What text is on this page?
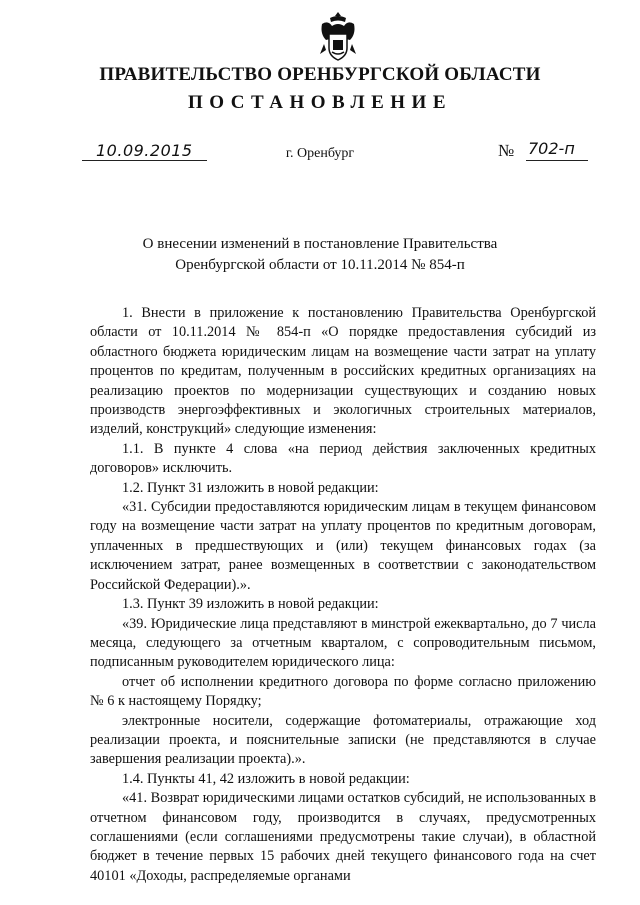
ПРАВИТЕЛЬСТВО ОРЕНБУРГСКОЙ ОБЛАСТИ
ПОСТАНОВЛЕНИЕ
10.09.2015	г. Оренбург	№ 702-п
О внесении изменений в постановление Правительства
Оренбургской области от 10.11.2014 № 854-п

1. Внести в приложение к постановлению Правительства Оренбургской области от 10.11.2014 № 854-п «О порядке предоставления субсидий из областного бюджета юридическим лицам на возмещение части затрат на уплату процентов по кредитам, полученным в российских кредитных организациях на реализацию проектов по модернизации существующих и созданию новых производств энергоэффективных и экологичных строительных материалов, изделий, конструкций» следующие изменения:

1.1. В пункте 4 слова «на период действия заключенных кредитных договоров» исключить.

1.2. Пункт 31 изложить в новой редакции:

«31. Субсидии предоставляются юридическим лицам в текущем финансовом году на возмещение части затрат на уплату процентов по кредитным договорам, уплаченных в предшествующих и (или) текущем финансовых годах (за исключением затрат, ранее возмещенных в соответствии с законодательством Российской Федерации).».

1.3. Пункт 39 изложить в новой редакции:

«39. Юридические лица представляют в минстрой ежеквартально, до 7 числа месяца, следующего за отчетным кварталом, с сопроводительным письмом, подписанным руководителем юридического лица:

отчет об исполнении кредитного договора по форме согласно приложению № 6 к настоящему Порядку;

электронные носители, содержащие фотоматериалы, отражающие ход реализации проекта, и пояснительные записки (не представляются в случае завершения реализации проекта).».

1.4. Пункты 41, 42 изложить в новой редакции:

«41. Возврат юридическими лицами остатков субсидий, не использованных в отчетном финансовом году, производится в случаях, предусмотренных соглашениями (если соглашениями предусмотрены такие случаи), в областной бюджет в течение первых 15 рабочих дней текущего финансового года на счет 40101 «Доходы, распределяемые органами
